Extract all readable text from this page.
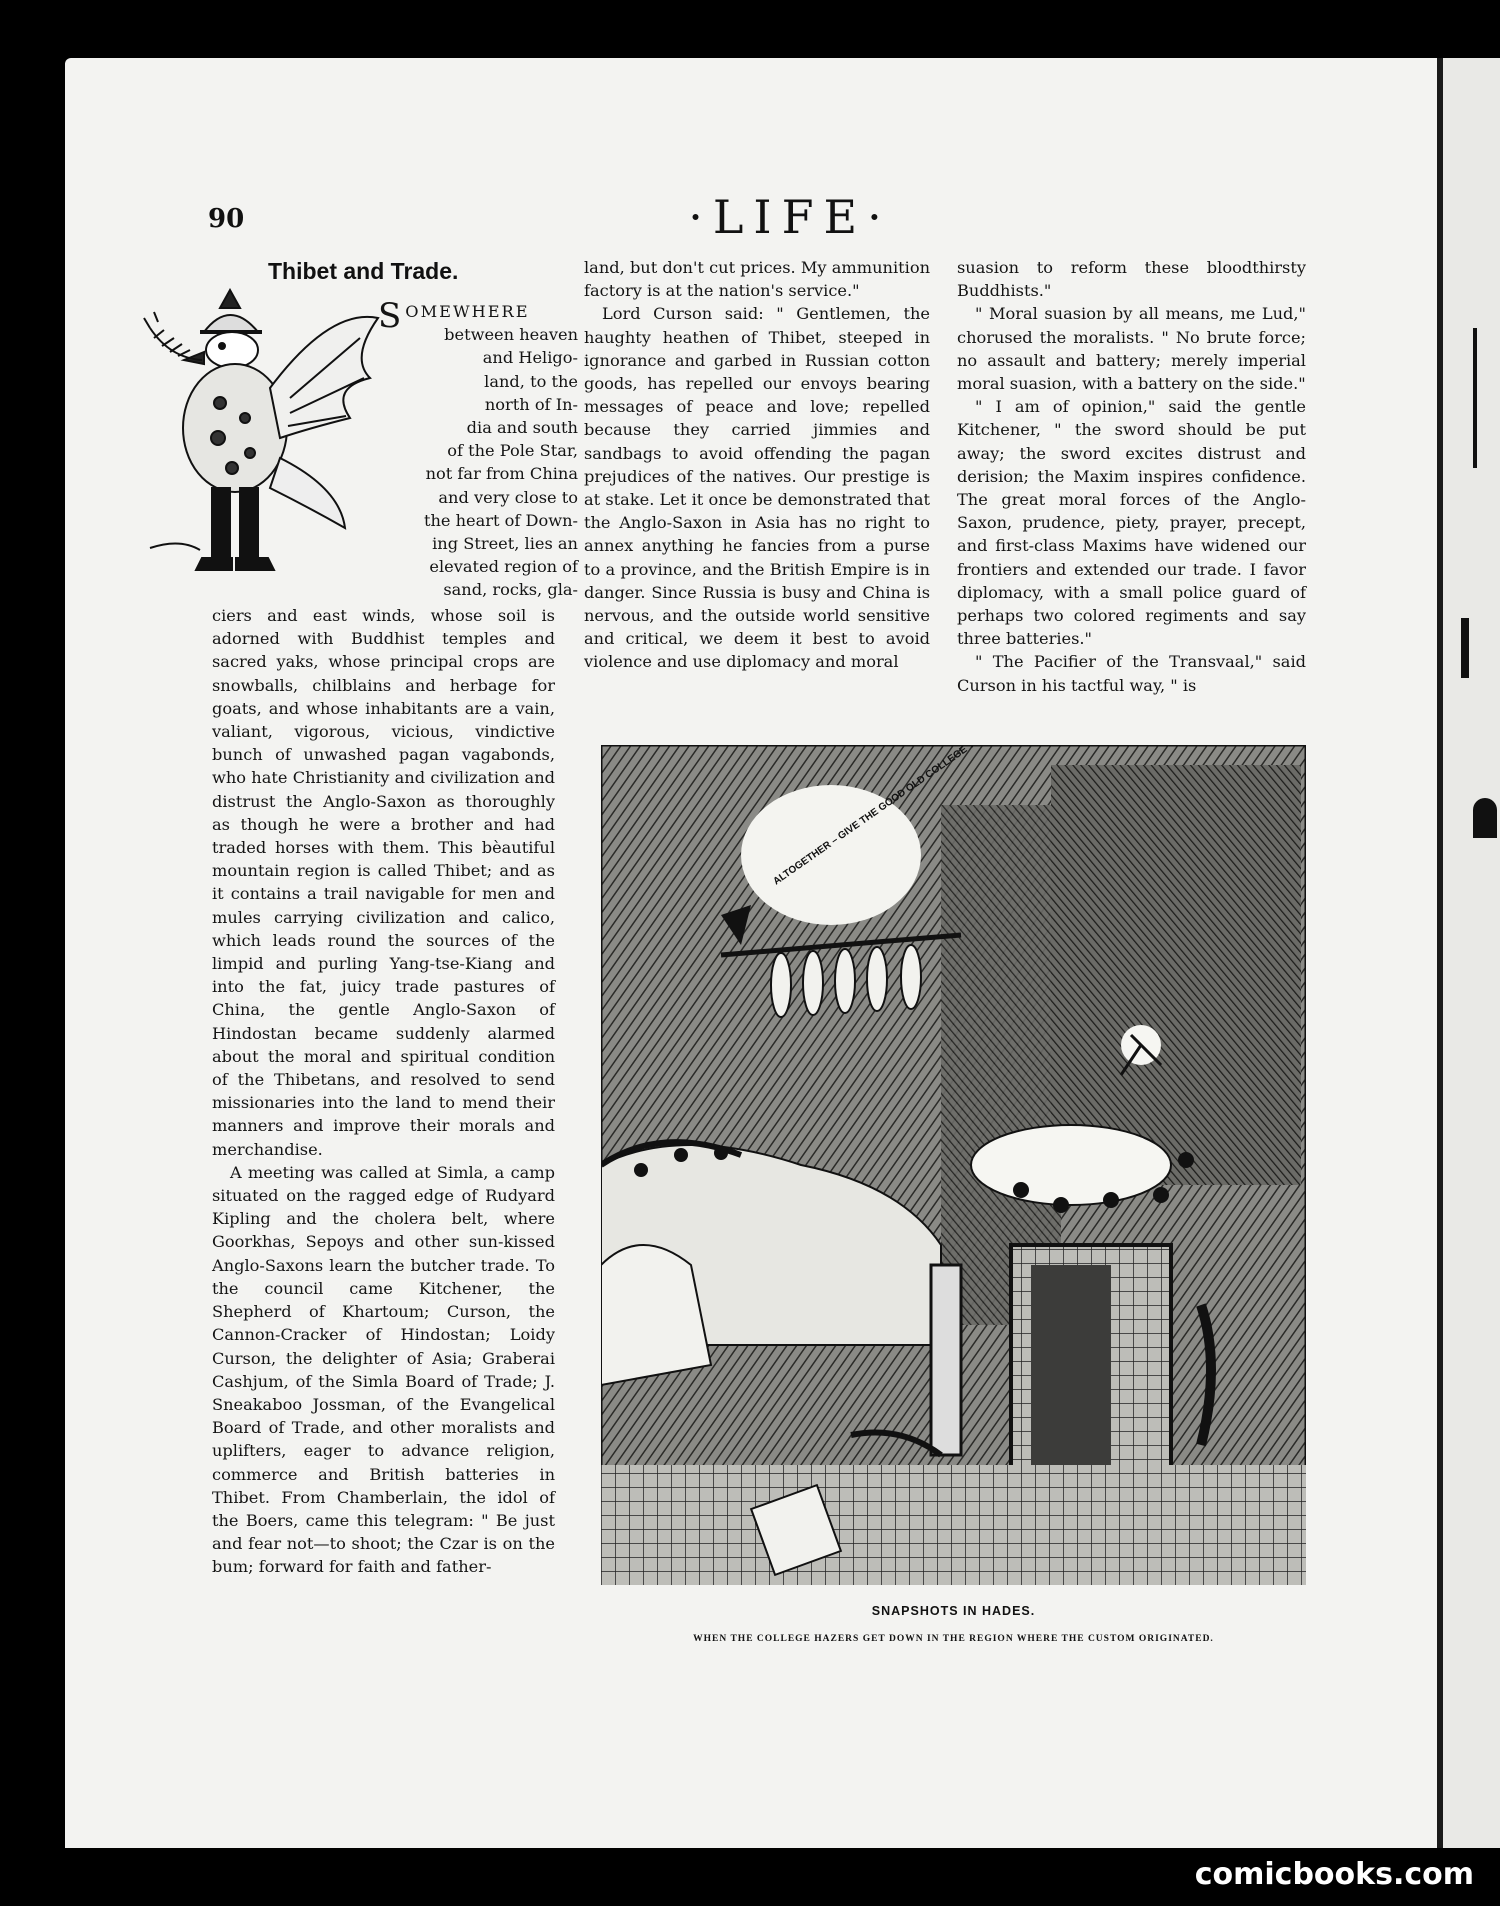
90	·LIFE·
Thibet and Trade.
S OMEWHERE
between heaven
and Heligo-
land, to the
north of In-
dia and south
of the Pole Star,
not far from China
and very close to
the heart of Down-
ing Street, lies an
elevated region of
sand, rocks, gla-

ciers and east winds, whose soil is adorned with Buddhist temples and sacred yaks, whose principal crops are snowballs, chilblains and herbage for goats, and whose inhabitants are a vain, valiant, vigorous, vicious, vindictive bunch of unwashed pagan vagabonds, who hate Christianity and civilization and distrust the Anglo-Saxon as thoroughly as though he were a brother and had traded horses with them. This bèautiful mountain region is called Thibet; and as it contains a trail navigable for men and mules carrying civilization and calico, which leads round the sources of the limpid and purling Yang-tse-Kiang and into the fat, juicy trade pastures of China, the gentle Anglo-Saxon of Hindostan became suddenly alarmed about the moral and spiritual condition of the Thibetans, and resolved to send missionaries into the land to mend their manners and improve their morals and merchandise.

A meeting was called at Simla, a camp situated on the ragged edge of Rudyard Kipling and the cholera belt, where Goorkhas, Sepoys and other sun-kissed Anglo-Saxons learn the butcher trade. To the council came Kitchener, the Shepherd of Khartoum; Curson, the Cannon-Cracker of Hindostan; Loidy Curson, the delighter of Asia; Graberai Cashjum, of the Simla Board of Trade; J. Sneakaboo Jossman, of the Evangelical Board of Trade, and other moralists and uplifters, eager to advance religion, commerce and British batteries in Thibet. From Chamberlain, the idol of the Boers, came this telegram: " Be just and fear not—to shoot; the Czar is on the bum; forward for faith and father-

land, but don't cut prices. My ammunition factory is at the nation's service."

Lord Curson said: " Gentlemen, the haughty heathen of Thibet, steeped in ignorance and garbed in Russian cotton goods, has repelled our envoys bearing messages of peace and love; repelled because they carried jimmies and sandbags to avoid offending the pagan prejudices of the natives. Our prestige is at stake. Let it once be demonstrated that the Anglo-Saxon in Asia has no right to annex anything he fancies from a purse to a province, and the British Empire is in danger. Since Russia is busy and China is nervous, and the outside world sensitive and critical, we deem it best to avoid violence and use diplomacy and moral

suasion to reform these bloodthirsty Buddhists."

" Moral suasion by all means, me Lud," chorused the moralists. " No brute force; no assault and battery; merely imperial moral suasion, with a battery on the side."

" I am of opinion," said the gentle Kitchener, " the sword should be put away; the sword excites distrust and derision; the Maxim inspires confidence. The great moral forces of the Anglo-Saxon, prudence, piety, prayer, precept, and first-class Maxims have widened our frontiers and extended our trade. I favor diplomacy, with a small police guard of perhaps two colored regiments and say three batteries."

" The Pacifier of the Transvaal," said Curson in his tactful way, " is

ALTOGETHER – GIVE THE GOOD OLD COLLEGE
SNAPSHOTS IN HADES.
WHEN THE COLLEGE HAZERS GET DOWN IN THE REGION WHERE THE CUSTOM ORIGINATED.
comicbooks.com
